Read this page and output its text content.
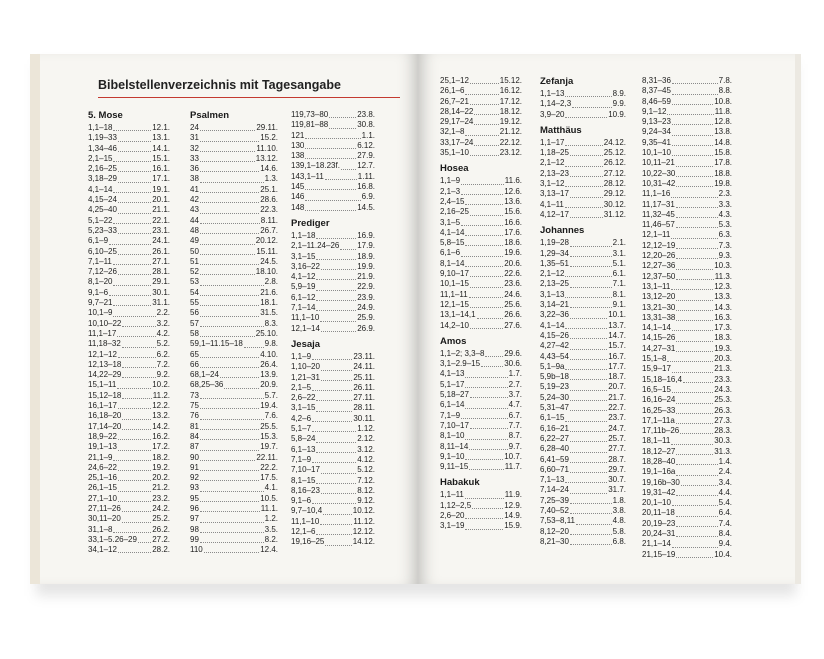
Bibelstellenverzeichnis mit Tagesangabe
5. Mose
1,1–18	12.1.
1,19–33	13.1.
1,34–46	14.1.
2,1–15	15.1.
2,16–25	16.1.
3,18–29	17.1.
4,1–14	19.1.
4,15–24	20.1.
4,25–40	21.1.
5,1–22	22.1.
5,23–33	23.1.
6,1–9	24.1.
6,10–25	26.1.
7,1–11	27.1.
7,12–26	28.1.
8,1–20	29.1.
9,1–6	30.1.
9,7–21	31.1.
10,1–9	2.2.
10,10–22	3.2.
11,1–17	4.2.
11,18–32	5.2.
12,1–12	6.2.
12,13–18	7.2.
14,22–29	9.2.
15,1–11	10.2.
15,12–18	11.2.
16,1–17	12.2.
16,18–20	13.2.
17,14–20	14.2.
18,9–22	16.2.
19,1–13	17.2.
21,1–9	18.2.
24,6–22	19.2.
25,1–16	20.2.
26,1–15	21.2.
27,1–10	23.2.
27,11–26	24.2.
30,11–20	25.2.
31,1–8	26.2.
33,1–5.26–29 27.2.
34,1–12	28.2.
Psalmen
24	29.11.
31	15.2.
32	11.10.
33	13.12.
36	14.6.
38	1.3.
41	25.1.
42	28.6.
43	22.3.
44	8.11.
48	26.7.
49	20.12.
50	15.11.
51	24.5.
52	18.10.
53	2.8.
54	21.6.
55	18.1.
56	31.5.
57	8.3.
58	25.10.
59,1–11.15–18	9.8.
65	4.10.
66	26.4.
68,1–24	13.9.
68,25–36	20.9.
73	5.7.
75	19.4.
76	7.6.
81	25.5.
84	15.3.
87	19.7.
90	22.11.
91	22.2.
92	17.5.
93	4.1.
95	10.5.
96	11.1.
97	1.2.
98	3.5.
99	8.2.
110	12.4.
119,73–80	23.8.
119,81–88	30.8.
121	1.1.
130	6.12.
138	27.9.
139,1–18.23f. 12.7.
143,1–11	1.11.
145	16.8.
146	6.9.
148	14.5.
Prediger
1,1–18	16.9.
2,1–11.24–26 17.9.
3,1–15	18.9.
3,16–22	19.9.
4,1–12	21.9.
5,9–19	22.9.
6,1–12	23.9.
7,1–14	24.9.
11,1–10	25.9.
12,1–14	26.9.
Jesaja
1,1–9	23.11.
1,10–20	24.11.
1,21–31	25.11.
2,1–5	26.11.
2,6–22	27.11.
3,1–15	28.11.
4,2–6	30.11.
5,1–7	1.12.
5,8–24	2.12.
6,1–13	3.12.
7,1–9	4.12.
7,10–17	5.12.
8,1–15	7.12.
8,16–23	8.12.
9,1–6	9.12.
9,7–10,4	10.12.
11,1–10	11.12.
12,1–6	12.12.
19,16–25	14.12.
25,1–12	15.12.
26,1–6	16.12.
26,7–21	17.12.
28,14–22	18.12.
29,17–24	19.12.
32,1–8	21.12.
33,17–24	22.12.
35,1–10	23.12.
Hosea
1,1–9	11.6.
2,1–3	12.6.
2,4–15	13.6.
2,16–25	15.6.
3,1–5	16.6.
4,1–14	17.6.
5,8–15	18.6.
6,1–6	19.6.
8,1–14	20.6.
9,10–17	22.6.
10,1–15	23.6.
11,1–11	24.6.
12,1–15	25.6.
13,1–14,1	26.6.
14,2–10	27.6.
Amos
1,1–2; 3,3–8 29.6.
3,1–2.9–15	30.6.
4,1–13	1.7.
5,1–17	2.7.
5,18–27	3.7.
6,1–14	4.7.
7,1–9	6.7.
7,10–17	7.7.
8,1–10	8.7.
8,11–14	9.7.
9,1–10	10.7.
9,11–15	11.7.
Habakuk
1,1–11	11.9.
1,12–2,5	12.9.
2,6–20	14.9.
3,1–19	15.9.
Zefanja
1,1–13	8.9.
1,14–2,3	9.9.
3,9–20	10.9.
Matthäus
1,1–17	24.12.
1,18–25	25.12.
2,1–12	26.12.
2,13–23	27.12.
3,1–12	28.12.
3,13–17	29.12.
4,1–11	30.12.
4,12–17	31.12.
Johannes
1,19–28	2.1.
1,29–34	3.1.
1,35–51	5.1.
2,1–12	6.1.
2,13–25	7.1.
3,1–13	8.1.
3,14–21	9.1.
3,22–36	10.1.
4,1–14	13.7.
4,15–26	14.7.
4,27–42	15.7.
4,43–54	16.7.
5,1–9a	17.7.
5,9b–18	18.7.
5,19–23	20.7.
5,24–30	21.7.
5,31–47	22.7.
6,1–15	23.7.
6,16–21	24.7.
6,22–27	25.7.
6,28–40	27.7.
6,41–59	28.7.
6,60–71	29.7.
7,1–13	30.7.
7,14–24	31.7.
7,25–39	1.8.
7,40–52	3.8.
7,53–8,11	4.8.
8,12–20	5.8.
8,21–30	6.8.
8,31–36	7.8.
8,37–45	8.8.
8,46–59	10.8.
9,1–12	11.8.
9,13–23	12.8.
9,24–34	13.8.
9,35–41	14.8.
10,1–10	15.8.
10,11–21	17.8.
10,22–30	18.8.
10,31–42	19.8.
11,1–16	2.3.
11,17–31	3.3.
11,32–45	4.3.
11,46–57	5.3.
12,1–11	6.3.
12,12–19	7.3.
12,20–26	9.3.
12,27–36	10.3.
12,37–50	11.3.
13,1–11	12.3.
13,12–20	13.3.
13,21–30	14.3.
13,31–38	16.3.
14,1–14	17.3.
14,15–26	18.3.
14,27–31	19.3.
15,1–8	20.3.
15,9–17	21.3.
15,18–16,4	23.3.
16,5–15	24.3.
16,16–24	25.3.
16,25–33	26.3.
17,1–11a	27.3.
17,11b–26	28.3.
18,1–11	30.3.
18,12–27	31.3.
18,28–40	1.4.
19,1–16a	2.4.
19,16b–30	3.4.
19,31–42	4.4.
20,1–10	5.4.
20,11–18	6.4.
20,19–23	7.4.
20,24–31	8.4.
21,1–14	9.4.
21,15–19	10.4.
